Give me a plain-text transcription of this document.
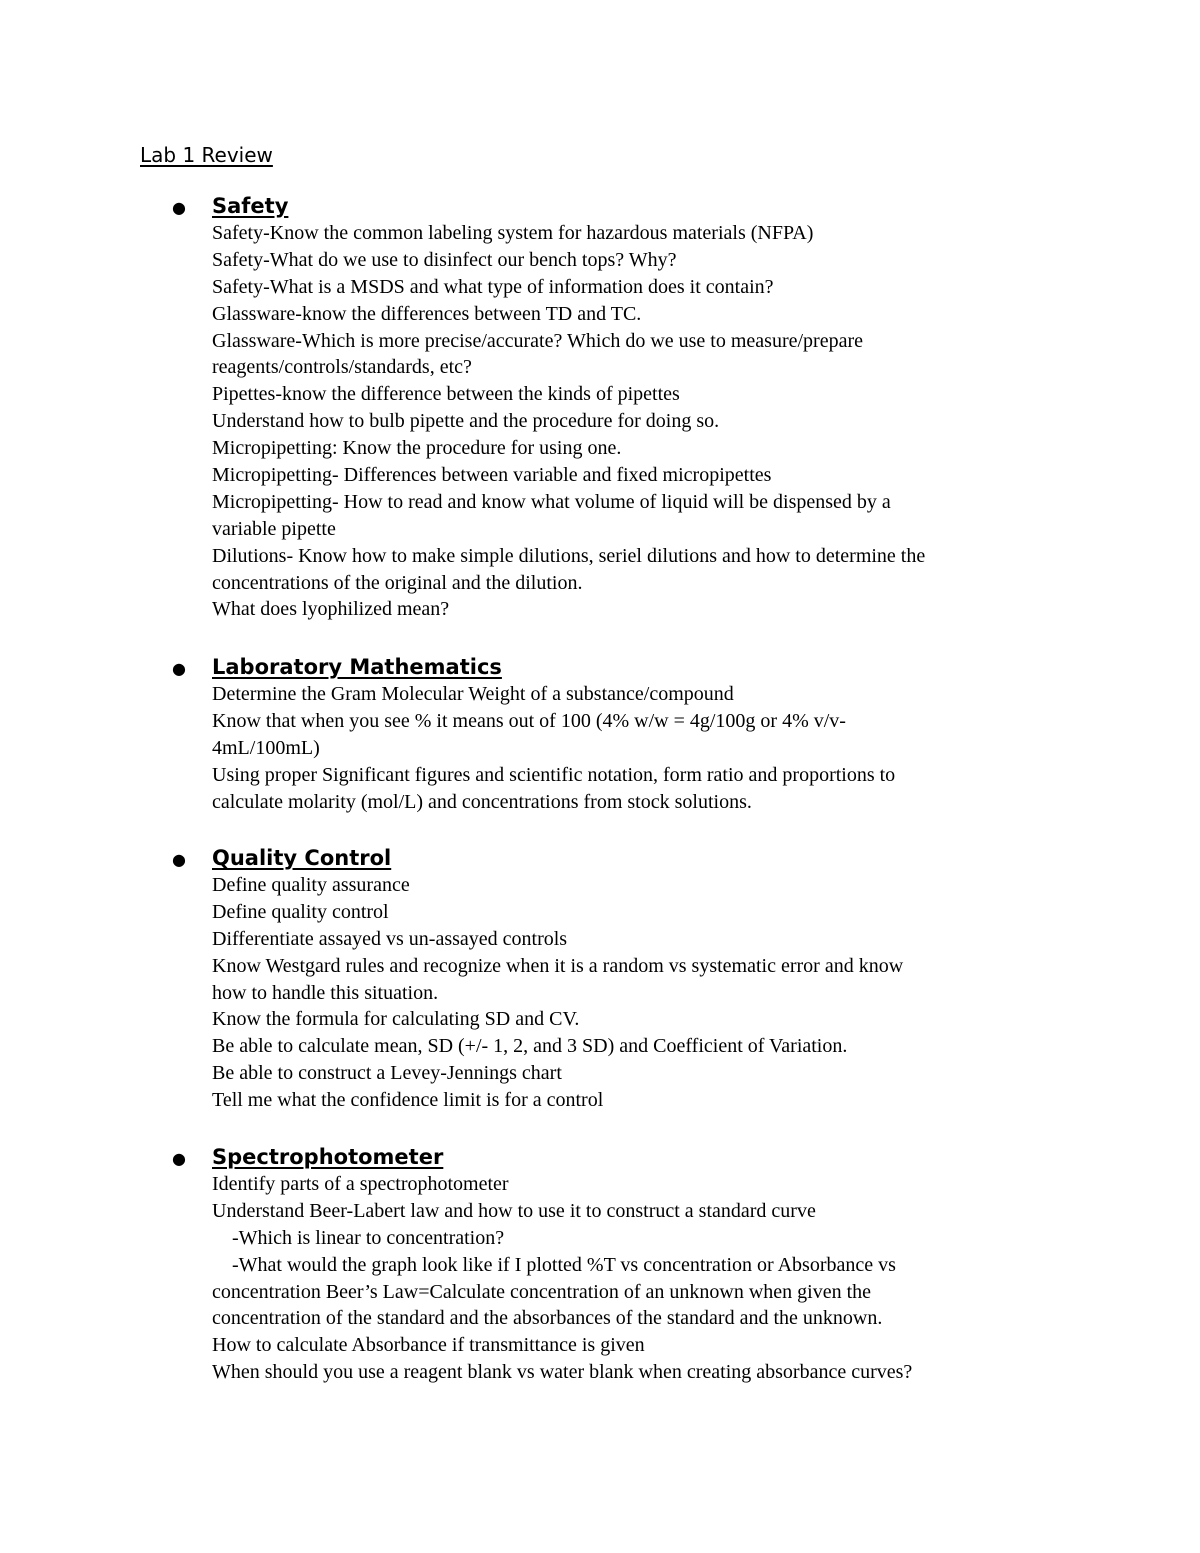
Lab 1 Review
● Safety
Safety-Know the common labeling system for hazardous materials (NFPA)
Safety-What do we use to disinfect our bench tops? Why?
Safety-What is a MSDS and what type of information does it contain?
Glassware-know the differences between TD and TC.
Glassware-Which is more precise/accurate? Which do we use to measure/prepare
reagents/controls/standards, etc?
Pipettes-know the difference between the kinds of pipettes
Understand how to bulb pipette and the procedure for doing so.
Micropipetting: Know the procedure for using one.
Micropipetting- Differences between variable and fixed micropipettes
Micropipetting- How to read and know what volume of liquid will be dispensed by a
variable pipette
Dilutions- Know how to make simple dilutions, seriel dilutions and how to determine the
concentrations of the original and the dilution.
What does lyophilized mean?
● Laboratory Mathematics
Determine the Gram Molecular Weight of a substance/compound
Know that when you see % it means out of 100 (4% w/w = 4g/100g or 4% v/v-
4mL/100mL)
Using proper Significant figures and scientific notation, form ratio and proportions to
calculate molarity (mol/L) and concentrations from stock solutions.
● Quality Control
Define quality assurance
Define quality control
Differentiate assayed vs un-assayed controls
Know Westgard rules and recognize when it is a random vs systematic error and know
how to handle this situation.
Know the formula for calculating SD and CV.
Be able to calculate mean, SD (+/- 1, 2, and 3 SD) and Coefficient of Variation.
Be able to construct a Levey-Jennings chart
Tell me what the confidence limit is for a control
● Spectrophotometer
Identify parts of a spectrophotometer
Understand Beer-Labert law and how to use it to construct a standard curve
-Which is linear to concentration?
-What would the graph look like if I plotted %T vs concentration or Absorbance vs
concentration Beer’s Law=Calculate concentration of an unknown when given the
concentration of the standard and the absorbances of the standard and the unknown.
How to calculate Absorbance if transmittance is given
When should you use a reagent blank vs water blank when creating absorbance curves?
